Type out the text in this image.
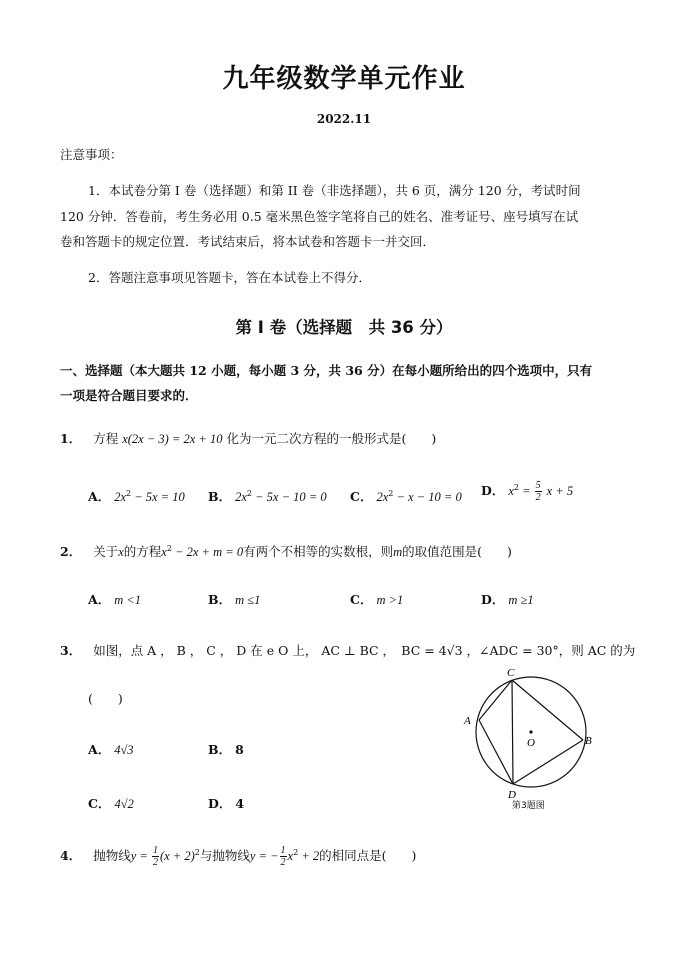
九年级数学单元作业
2022.11
注意事项：
1．本试卷分第 I 卷（选择题）和第 II 卷（非选择题），共 6 页，满分 120 分，考试时间
120 分钟．答卷前，考生务必用 0.5 毫米黑色签字笔将自己的姓名、准考证号、座号填写在试
卷和答题卡的规定位置．考试结束后，将本试卷和答题卡一并交回．
2．答题注意事项见答题卡，答在本试卷上不得分．
第 I 卷（选择题　共 36 分）
一、选择题（本大题共 12 小题，每小题 3 分，共 36 分）在每小题所给出的四个选项中，只有
一项是符合题目要求的．
1． 方程 x(2x − 3) = 2x + 10 化为一元二次方程的一般形式是(　　)
A． $2x^2 - 5x = 10$ B． $2x^2 - 5x - 10 = 0$ C． $2x^2 - x - 10 = 0$ D． $x^2 = \frac{5}{2}$ x + 5
2． 关于x的方程$x^2 - 2x + m = 0$有两个不相等的实数根，则m的取值范围是(　　)
A． m <1	B． m ≤1	C． m >1	D． m ≥1
3． 如图，点 A ， B ， C ， D 在 e O 上， AC ⊥ BC ，　BC = 4√3 ，∠ADC = 30°，则 AC 的为
(　　)
A． 4√3	B． 8
C． 4√2	D． 4
C
A
O	B
D
第3题图
4． 抛物线$y = \frac{1}{2} (x + 2)^2$与抛物线y = − $\frac{1}{2} x^2 + 2$的相同点是(　　)
